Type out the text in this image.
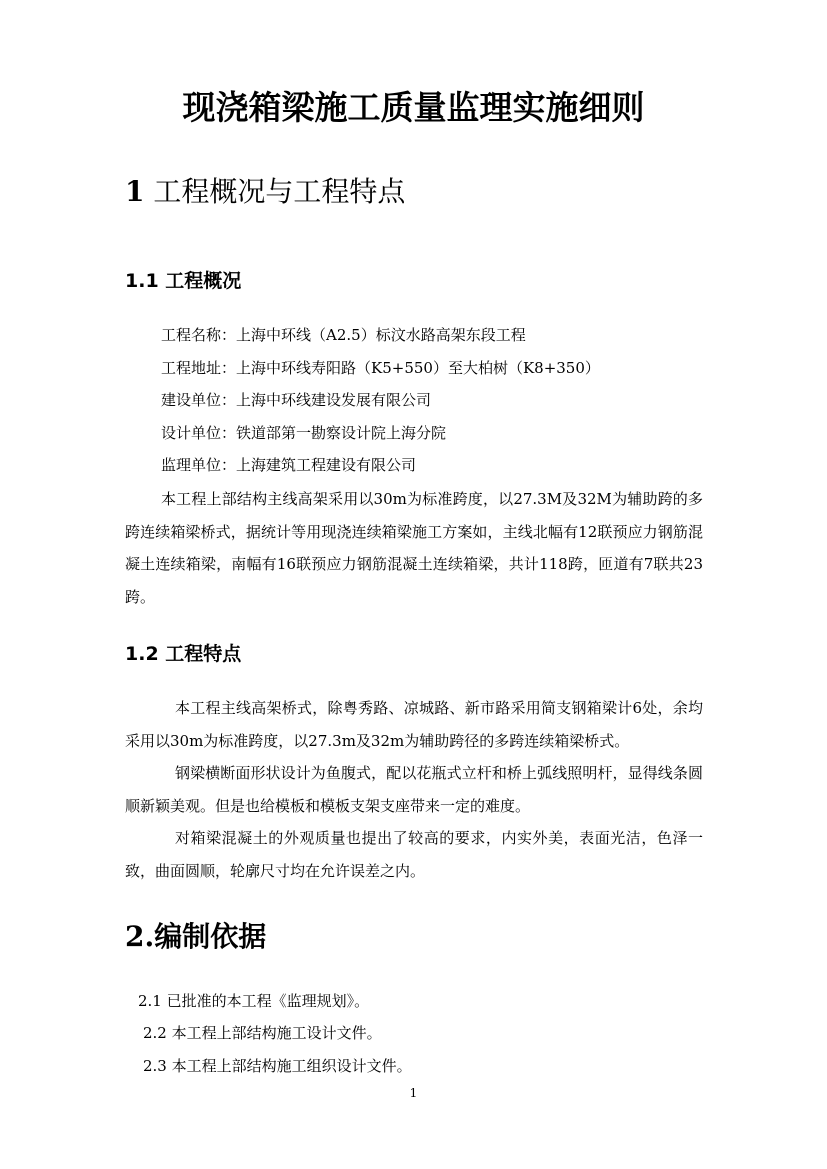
现浇箱梁施工质量监理实施细则
1 工程概况与工程特点
1.1 工程概况
工程名称：上海中环线（A2.5）标汶水路高架东段工程
工程地址：上海中环线寿阳路（K5+550）至大柏树（K8+350）
建设单位：上海中环线建设发展有限公司
设计单位：铁道部第一勘察设计院上海分院
监理单位：上海建筑工程建设有限公司
本工程上部结构主线高架采用以30m为标准跨度，以27.3M及32M为辅助跨的多跨连续箱梁桥式，据统计等用现浇连续箱梁施工方案如，主线北幅有12联预应力钢筋混凝土连续箱梁，南幅有16联预应力钢筋混凝土连续箱梁，共计118跨，匝道有7联共23跨。
1.2 工程特点
本工程主线高架桥式，除粤秀路、凉城路、新市路采用简支钢箱梁计6处，余均采用以30m为标准跨度，以27.3m及32m为辅助跨径的多跨连续箱梁桥式。
钢梁横断面形状设计为鱼腹式，配以花瓶式立杆和桥上弧线照明杆，显得线条圆顺新颖美观。但是也给模板和模板支架支座带来一定的难度。
对箱梁混凝土的外观质量也提出了较高的要求，内实外美，表面光洁，色泽一致，曲面圆顺，轮廓尺寸均在允许误差之内。
2.编制依据
2.1 已批准的本工程《监理规划》。
2.2 本工程上部结构施工设计文件。
2.3 本工程上部结构施工组织设计文件。
1
